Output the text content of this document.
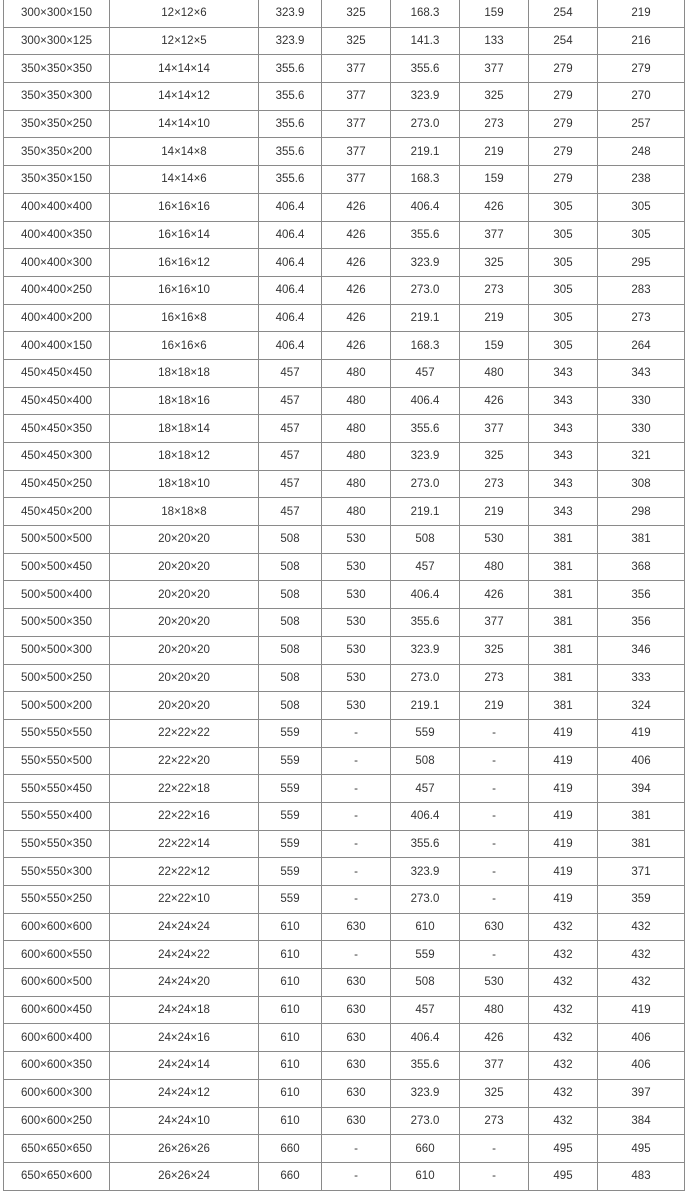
300×300×150	12×12×6	323.9	325	168.3	159	254	219
300×300×125	12×12×5	323.9	325	141.3	133	254	216
350×350×350	14×14×14	355.6	377	355.6	377	279	279
350×350×300	14×14×12	355.6	377	323.9	325	279	270
350×350×250	14×14×10	355.6	377	273.0	273	279	257
350×350×200	14×14×8	355.6	377	219.1	219	279	248
350×350×150	14×14×6	355.6	377	168.3	159	279	238
400×400×400	16×16×16	406.4	426	406.4	426	305	305
400×400×350	16×16×14	406.4	426	355.6	377	305	305
400×400×300	16×16×12	406.4	426	323.9	325	305	295
400×400×250	16×16×10	406.4	426	273.0	273	305	283
400×400×200	16×16×8	406.4	426	219.1	219	305	273
400×400×150	16×16×6	406.4	426	168.3	159	305	264
450×450×450	18×18×18	457	480	457	480	343	343
450×450×400	18×18×16	457	480	406.4	426	343	330
450×450×350	18×18×14	457	480	355.6	377	343	330
450×450×300	18×18×12	457	480	323.9	325	343	321
450×450×250	18×18×10	457	480	273.0	273	343	308
450×450×200	18×18×8	457	480	219.1	219	343	298
500×500×500	20×20×20	508	530	508	530	381	381
500×500×450	20×20×20	508	530	457	480	381	368
500×500×400	20×20×20	508	530	406.4	426	381	356
500×500×350	20×20×20	508	530	355.6	377	381	356
500×500×300	20×20×20	508	530	323.9	325	381	346
500×500×250	20×20×20	508	530	273.0	273	381	333
500×500×200	20×20×20	508	530	219.1	219	381	324
550×550×550	22×22×22	559	-	559	-	419	419
550×550×500	22×22×20	559	-	508	-	419	406
550×550×450	22×22×18	559	-	457	-	419	394
550×550×400	22×22×16	559	-	406.4	-	419	381
550×550×350	22×22×14	559	-	355.6	-	419	381
550×550×300	22×22×12	559	-	323.9	-	419	371
550×550×250	22×22×10	559	-	273.0	-	419	359
600×600×600	24×24×24	610	630	610	630	432	432
600×600×550	24×24×22	610	-	559	-	432	432
600×600×500	24×24×20	610	630	508	530	432	432
600×600×450	24×24×18	610	630	457	480	432	419
600×600×400	24×24×16	610	630	406.4	426	432	406
600×600×350	24×24×14	610	630	355.6	377	432	406
600×600×300	24×24×12	610	630	323.9	325	432	397
600×600×250	24×24×10	610	630	273.0	273	432	384
650×650×650	26×26×26	660	-	660	-	495	495
650×650×600	26×26×24	660	-	610	-	495	483
